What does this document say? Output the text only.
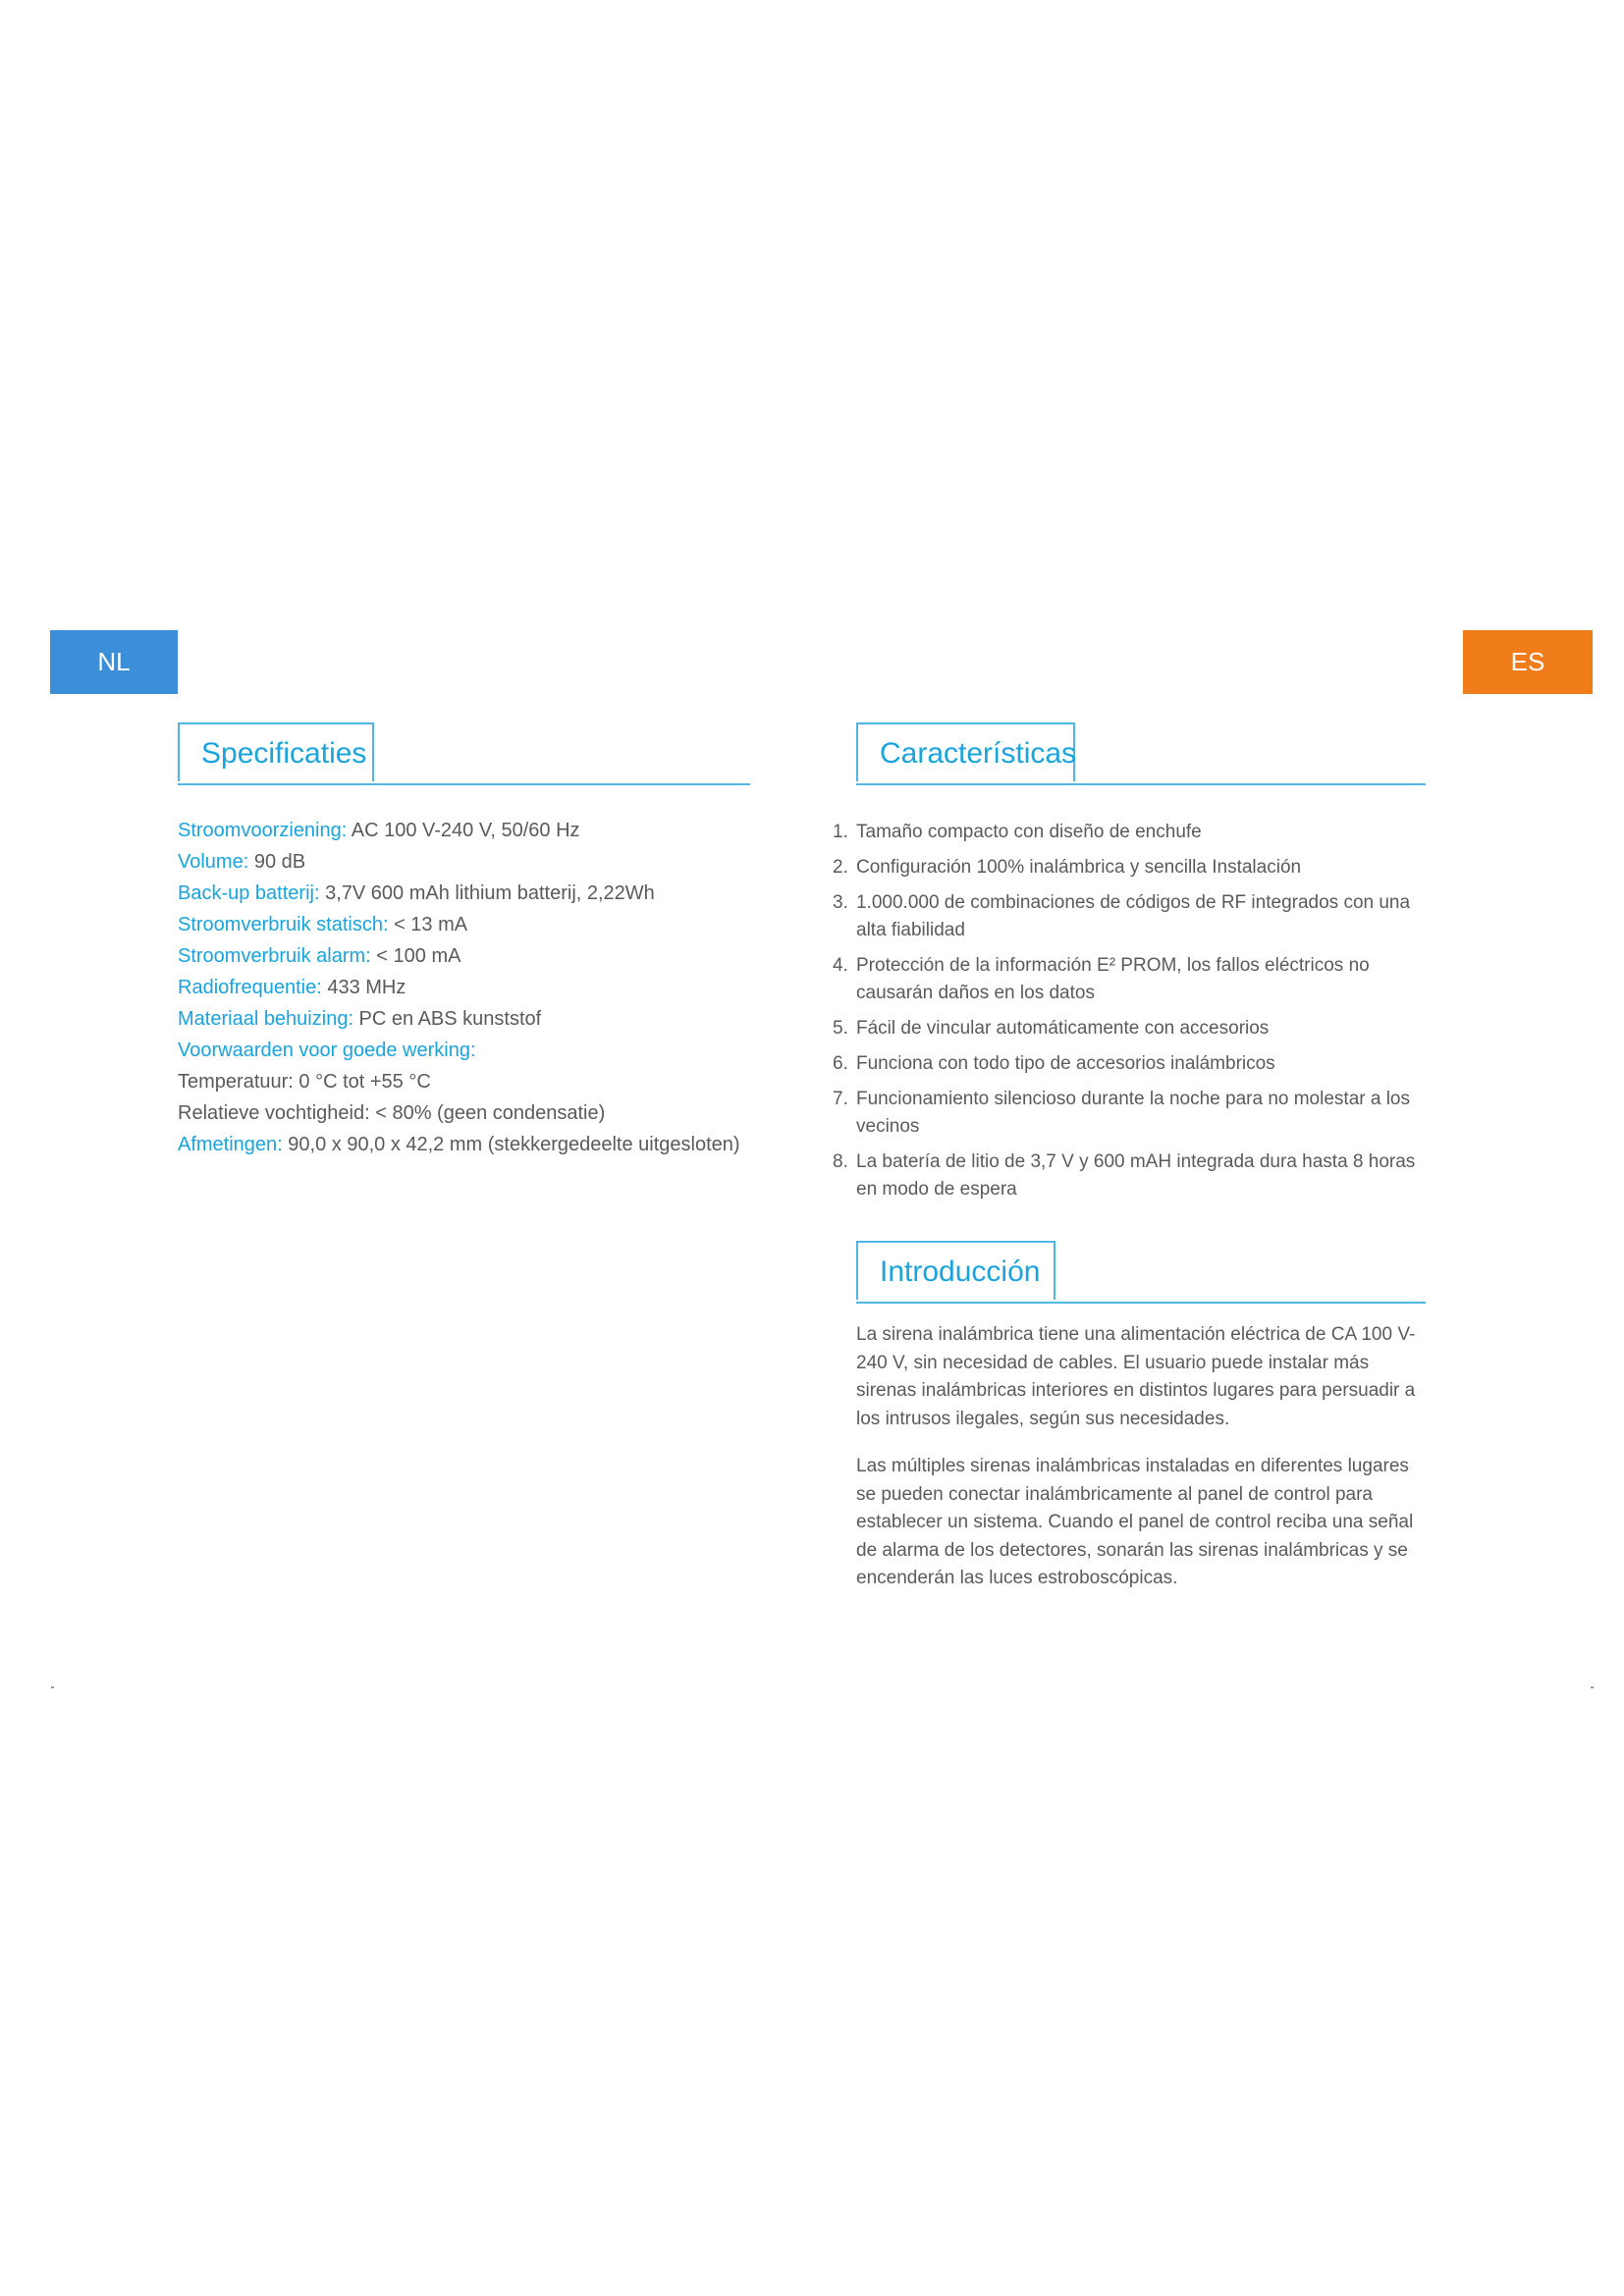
NL	ES
Specificaties
Stroomvoorziening: AC 100 V-240 V, 50/60 Hz
Volume: 90 dB
Back-up batterij: 3,7V 600 mAh lithium batterij, 2,22Wh
Stroomverbruik statisch: < 13 mA
Stroomverbruik alarm: < 100 mA
Radiofrequentie: 433 MHz
Materiaal behuizing: PC en ABS kunststof
Voorwaarden voor goede werking:
Temperatuur: 0 °C tot +55 °C
Relatieve vochtigheid: < 80% (geen condensatie)
Afmetingen: 90,0 x 90,0 x 42,2 mm (stekkergedeelte uitgesloten)
Características
1. Tamaño compacto con diseño de enchufe
2. Configuración 100% inalámbrica y sencilla Instalación
3. 1.000.000 de combinaciones de códigos de RF integrados con una alta fiabilidad
4. Protección de la información E² PROM, los fallos eléctricos no causarán daños en los datos
5. Fácil de vincular automáticamente con accesorios
6. Funciona con todo tipo de accesorios inalámbricos
7. Funcionamiento silencioso durante la noche para no molestar a los vecinos
8. La batería de litio de 3,7 V y 600 mAH integrada dura hasta 8 horas en modo de espera
Introducción

La sirena inalámbrica tiene una alimentación eléctrica de CA 100 V-240 V, sin necesidad de cables. El usuario puede instalar más sirenas inalámbricas interiores en distintos lugares para persuadir a los intrusos ilegales, según sus necesidades.

Las múltiples sirenas inalámbricas instaladas en diferentes lugares se pueden conectar inalámbricamente al panel de control para establecer un sistema. Cuando el panel de control reciba una señal de alarma de los detectores, sonarán las sirenas inalámbricas y se encenderán las luces estroboscópicas.
